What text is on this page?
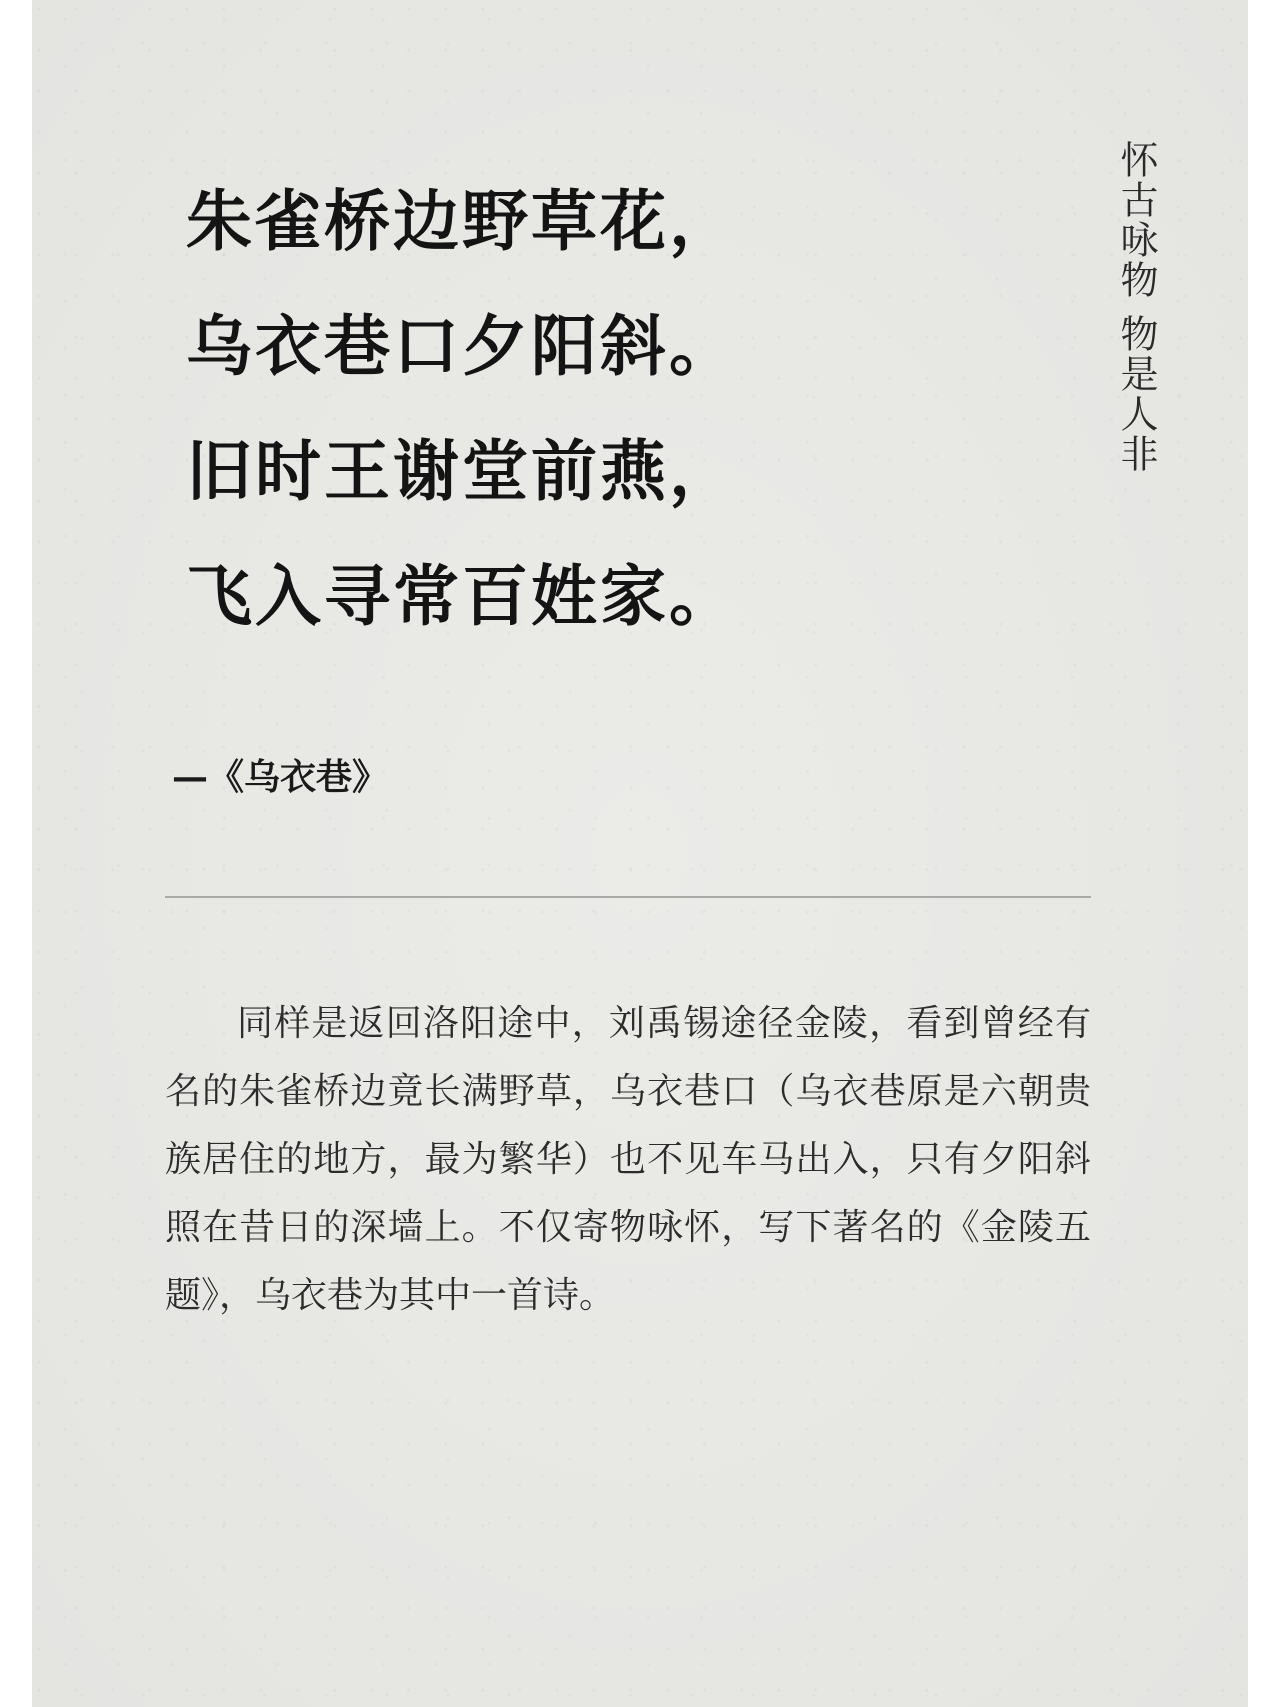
怀古咏物 物是人非
朱雀桥边野草花，
乌衣巷口夕阳斜。
旧时王谢堂前燕，
飞入寻常百姓家。
—《乌衣巷》

同样是返回洛阳途中，刘禹锡途径金陵，看到曾经有名的朱雀桥边竟长满野草，乌衣巷口（乌衣巷原是六朝贵族居住的地方，最为繁华）也不见车马出入，只有夕阳斜照在昔日的深墙上。不仅寄物咏怀，写下著名的《金陵五题》，乌衣巷为其中一首诗。
